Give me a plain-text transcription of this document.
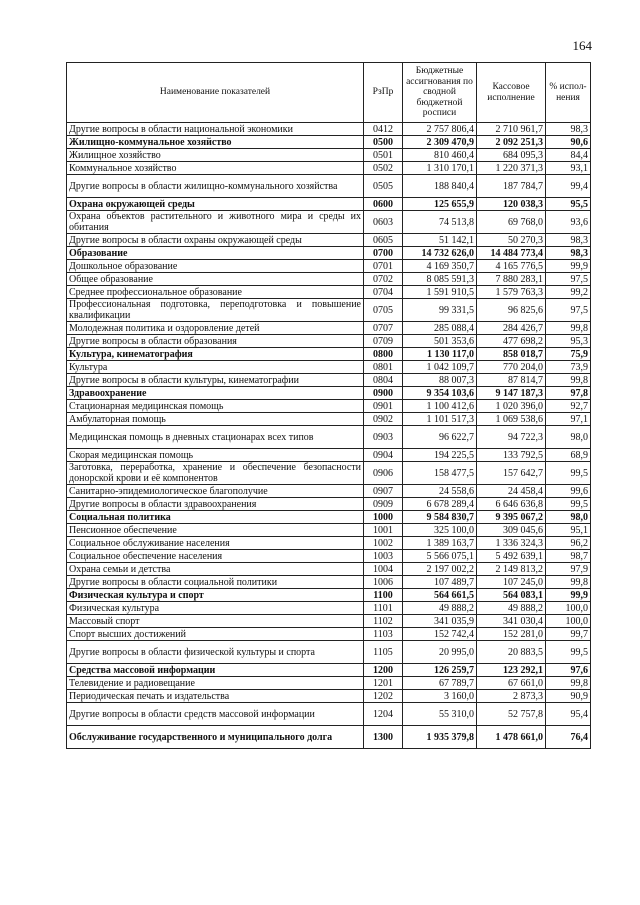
164
Наименование показателей	РзПр	Бюджетные ассигнования по сводной бюджетной росписи	Кассовое исполнение	% испол-нения
Другие вопросы в области национальной экономики	0412	2 757 806,4	2 710 961,7	98,3
Жилищно-коммунальное хозяйство	0500	2 309 470,9	2 092 251,3	90,6
Жилищное хозяйство	0501	810 460,4	684 095,3	84,4
Коммунальное хозяйство	0502	1 310 170,1	1 220 371,3	93,1
Другие вопросы в области жилищно-коммунального хозяйства	0505	188 840,4	187 784,7	99,4
Охрана окружающей среды	0600	125 655,9	120 038,3	95,5
Охрана объектов растительного и животного мира и среды их обитания	0603	74 513,8	69 768,0	93,6
Другие вопросы в области охраны окружающей среды	0605	51 142,1	50 270,3	98,3
Образование	0700	14 732 626,0	14 484 773,4	98,3
Дошкольное образование	0701	4 169 350,7	4 165 776,5	99,9
Общее образование	0702	8 085 591,3	7 880 283,1	97,5
Среднее профессиональное образование	0704	1 591 910,5	1 579 763,3	99,2
Профессиональная подготовка, переподготовка и повышение квалификации	0705	99 331,5	96 825,6	97,5
Молодежная политика и оздоровление детей	0707	285 088,4	284 426,7	99,8
Другие вопросы в области образования	0709	501 353,6	477 698,2	95,3
Культура, кинематография	0800	1 130 117,0	858 018,7	75,9
Культура	0801	1 042 109,7	770 204,0	73,9
Другие вопросы в области культуры, кинематографии	0804	88 007,3	87 814,7	99,8
Здравоохранение	0900	9 354 103,6	9 147 187,3	97,8
Стационарная медицинская помощь	0901	1 100 412,6	1 020 396,0	92,7
Амбулаторная помощь	0902	1 101 517,3	1 069 538,6	97,1
Медицинская помощь в дневных стационарах всех типов	0903	96 622,7	94 722,3	98,0
Скорая медицинская помощь	0904	194 225,5	133 792,5	68,9
Заготовка, переработка, хранение и обеспечение безопасности донорской крови и её компонентов	0906	158 477,5	157 642,7	99,5
Санитарно-эпидемиологическое благополучие	0907	24 558,6	24 458,4	99,6
Другие вопросы в области здравоохранения	0909	6 678 289,4	6 646 636,8	99,5
Социальная политика	1000	9 584 830,7	9 395 067,2	98,0
Пенсионное обеспечение	1001	325 100,0	309 045,6	95,1
Социальное обслуживание населения	1002	1 389 163,7	1 336 324,3	96,2
Социальное обеспечение населения	1003	5 566 075,1	5 492 639,1	98,7
Охрана семьи и детства	1004	2 197 002,2	2 149 813,2	97,9
Другие вопросы в области социальной политики	1006	107 489,7	107 245,0	99,8
Физическая культура и спорт	1100	564 661,5	564 083,1	99,9
Физическая культура	1101	49 888,2	49 888,2	100,0
Массовый спорт	1102	341 035,9	341 030,4	100,0
Спорт высших достижений	1103	152 742,4	152 281,0	99,7
Другие вопросы в области физической культуры и спорта	1105	20 995,0	20 883,5	99,5
Средства массовой информации	1200	126 259,7	123 292,1	97,6
Телевидение и радиовещание	1201	67 789,7	67 661,0	99,8
Периодическая печать и издательства	1202	3 160,0	2 873,3	90,9
Другие вопросы в области средств массовой информации	1204	55 310,0	52 757,8	95,4
Обслуживание государственного и муниципального долга	1300	1 935 379,8	1 478 661,0	76,4
